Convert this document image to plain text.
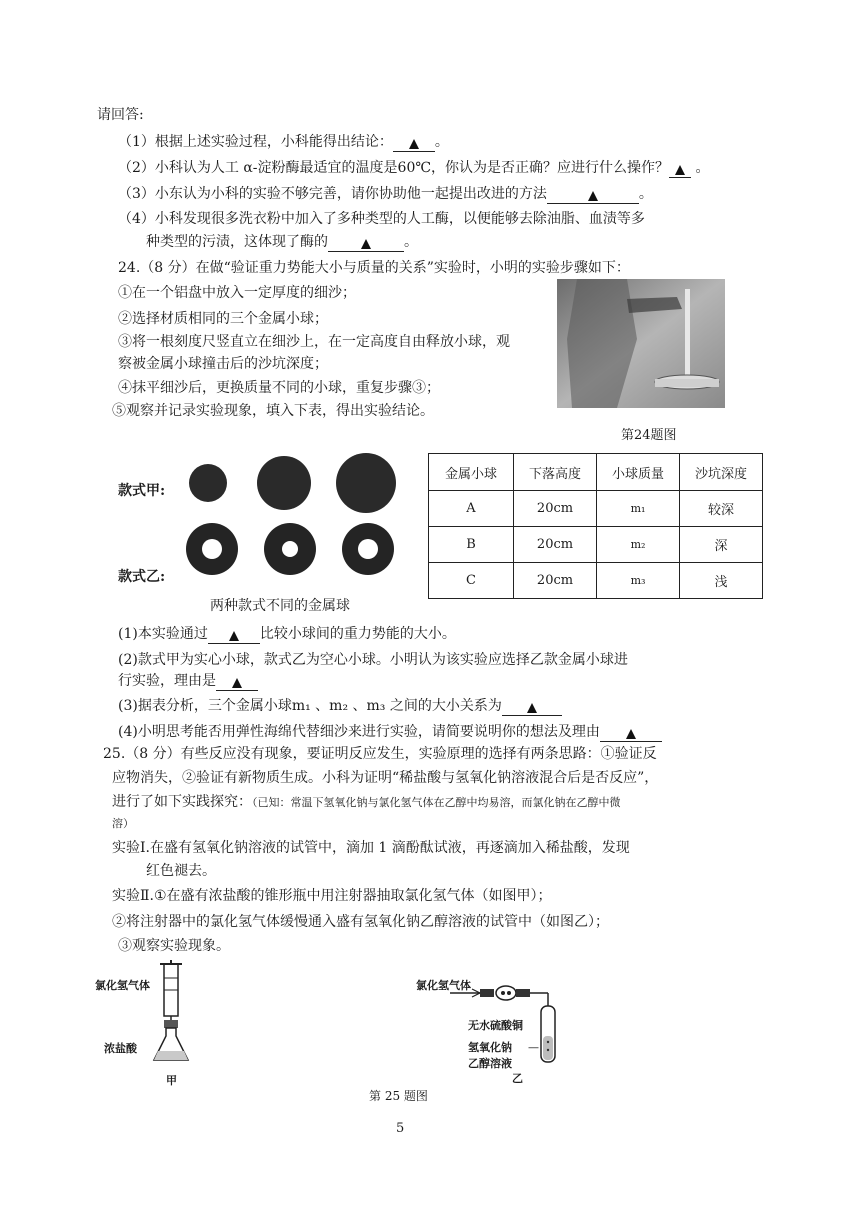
请回答:
（1）根据上述实验过程，小科能得出结论：	。
（2）小科认为人工 α-淀粉酶最适宜的温度是60℃，你认为是否正确？应进行什么操作？ 。
（3）小东认为小科的实验不够完善，请你协助他一起提出改进的方法	。
（4）小科发现很多洗衣粉中加入了多种类型的人工酶，以便能够去除油脂、血渍等多
种类型的污渍，这体现了酶的	。
24.（8 分）在做“验证重力势能大小与质量的关系”实验时，小明的实验步骤如下：
①在一个铝盘中放入一定厚度的细沙；
②选择材质相同的三个金属小球；
③将一根刻度尺竖直立在细沙上，在一定高度自由释放小球，观
察被金属小球撞击后的沙坑深度；
④抹平细沙后，更换质量不同的小球，重复步骤③；
⑤观察并记录实验现象，填入下表，得出实验结论。
第24题图
款式甲:
款式乙:
两种款式不同的金属球
金属小球	下落高度	小球质量	沙坑深度
A	20cm	m₁	较深
B	20cm	m₂	深
C	20cm	m₃	浅
(1)本实验通过	比较小球间的重力势能的大小。
(2)款式甲为实心小球，款式乙为空心小球。小明认为该实验应选择乙款金属小球进
行实验，理由是
(3)据表分析，三个金属小球m₁ 、m₂ 、m₃ 之间的大小关系为
(4)小明思考能否用弹性海绵代替细沙来进行实验，请简要说明你的想法及理由
25.（8 分）有些反应没有现象，要证明反应发生，实验原理的选择有两条思路：①验证反
应物消失，②验证有新物质生成。小科为证明“稀盐酸与氢氧化钠溶液混合后是否反应”，
进行了如下实践探究：（已知：常温下氢氧化钠与氯化氢气体在乙醇中均易溶，而氯化钠在乙醇中微
溶）
实验Ⅰ.在盛有氢氧化钠溶液的试管中，滴加 1 滴酚酞试液，再逐滴加入稀盐酸，发现
红色褪去。
实验Ⅱ.①在盛有浓盐酸的锥形瓶中用注射器抽取氯化氢气体（如图甲）；
②将注射器中的氯化氢气体缓慢通入盛有氢氧化钠乙醇溶液的试管中（如图乙）；
③观察实验现象。
氯化氢气体
浓盐酸
甲
氯化氢气体
无水硫酸铜
氢氧化钠
乙醇溶液
乙
—
第 25 题图
5
